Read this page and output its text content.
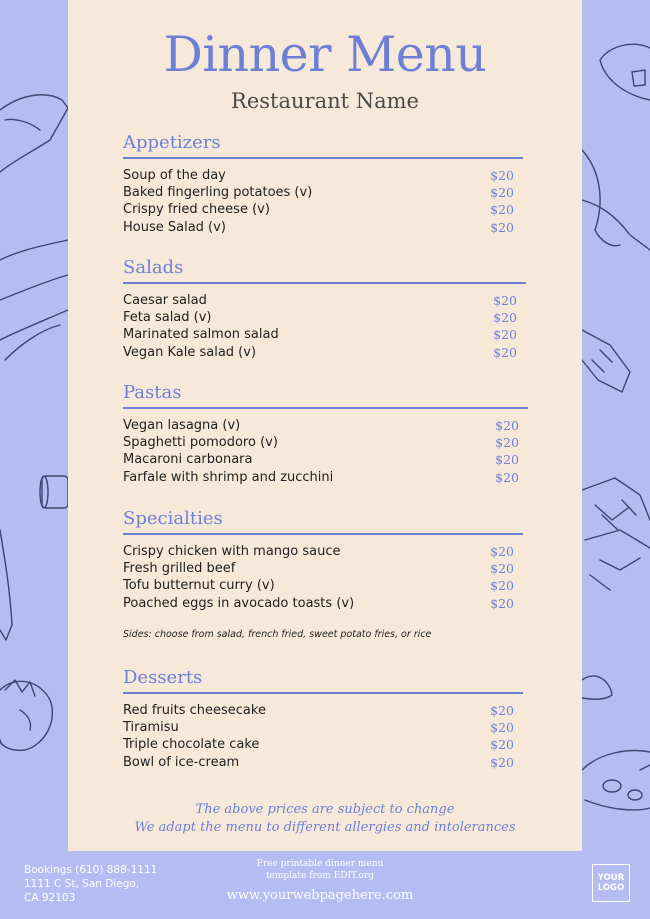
Dinner Menu
Restaurant Name
Appetizers
Soup of the day	$20
Baked fingerling potatoes (v)	$20
Crispy fried cheese (v)	$20
House Salad (v)	$20
Salads
Caesar salad	$20
Feta salad (v)	$20
Marinated salmon salad	$20
Vegan Kale salad (v)	$20
Pastas
Vegan lasagna (v)	$20
Spaghetti pomodoro (v)	$20
Macaroni carbonara	$20
Farfale with shrimp and zucchini	$20
Specialties
Crispy chicken with mango sauce	$20
Fresh grilled beef	$20
Tofu butternut curry (v)	$20
Poached eggs in avocado toasts (v)	$20
Sides: choose from salad, french fried, sweet potato fries, or rice
Desserts
Red fruits cheesecake	$20
Tiramisu	$20
Triple chocolate cake	$20
Bowl of ice-cream	$20
The above prices are subject to change
We adapt the menu to different allergies and intolerances
Bookings (610) 888-1111
1111 C St, San Diego,
CA 92103
Free printable dinner menu
template from EDIT.org
www.yourwebpagehere.com
YOUR
LOGO
